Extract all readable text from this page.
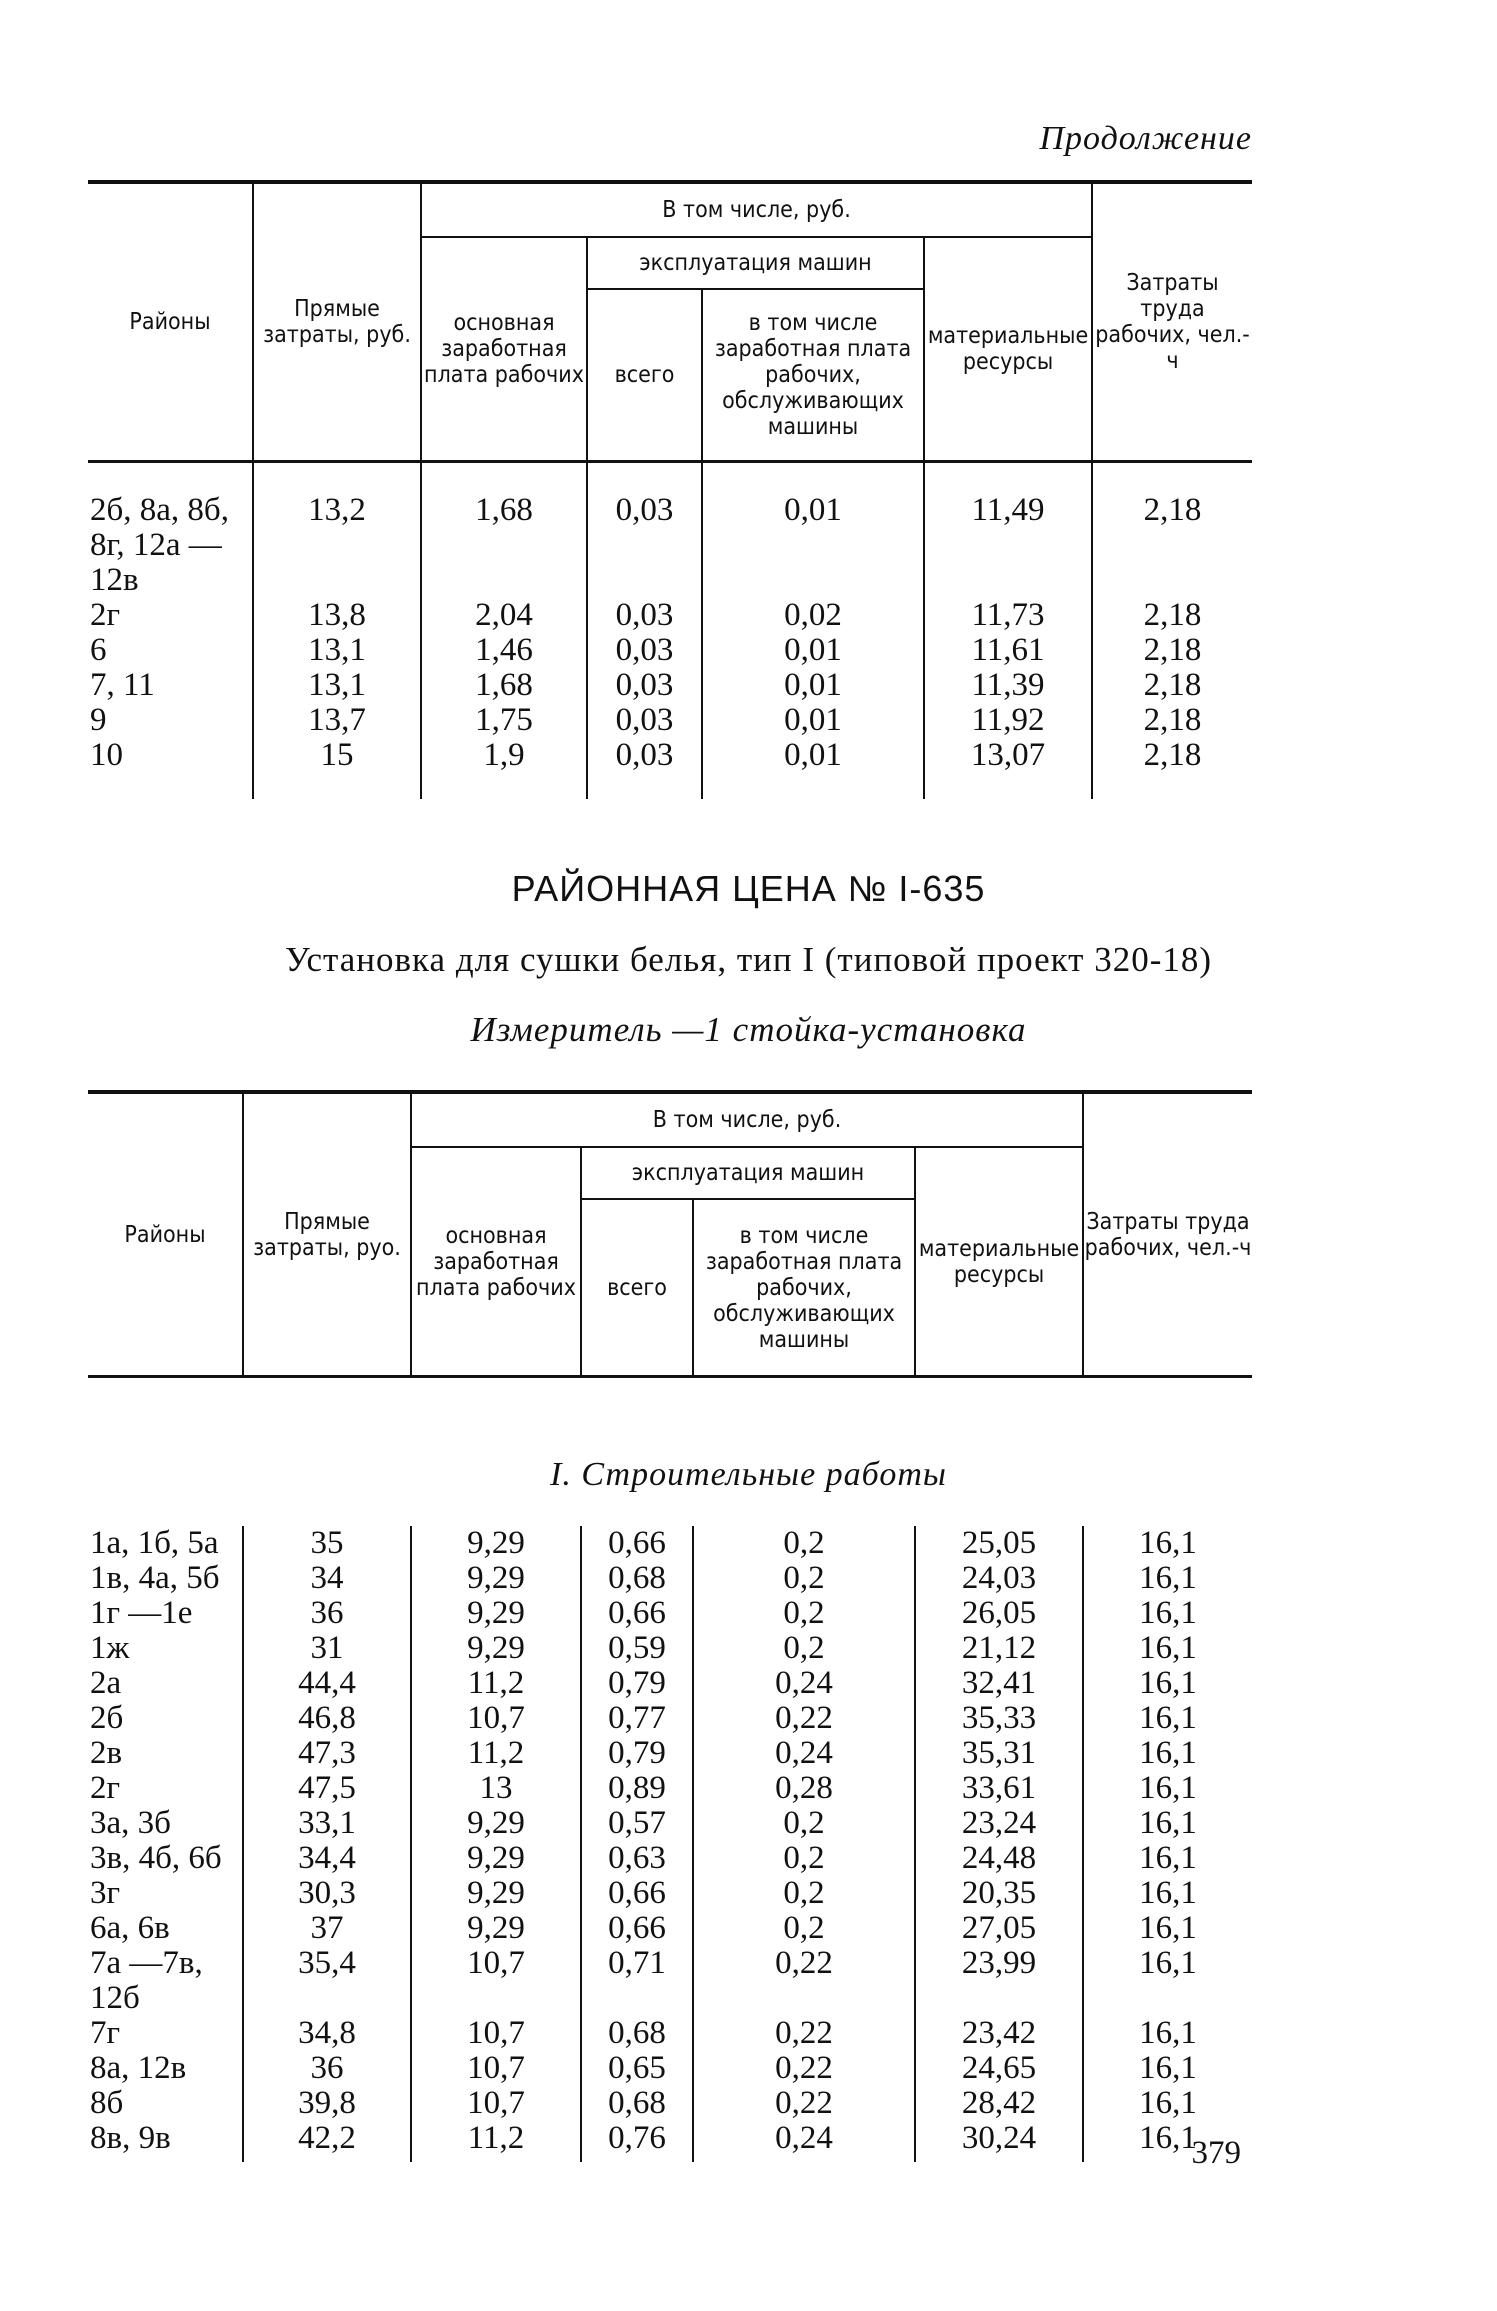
Продолжение
Районы	Прямые затраты, руб.	В том числе, руб.				Затраты труда рабочих, чел.-ч
		основная заработная плата рабочих	эксплуатация машин		материальные ресурсы	
			всего	в том числе заработная плата рабочих, обслуживающих машины		
2б, 8а, 8б,
8г, 12а —
12в	13,2	1,68	0,03	0,01	11,49	2,18
2г	13,8	2,04	0,03	0,02	11,73	2,18
6	13,1	1,46	0,03	0,01	11,61	2,18
7, 11	13,1	1,68	0,03	0,01	11,39	2,18
9	13,7	1,75	0,03	0,01	11,92	2,18
10	15	1,9	0,03	0,01	13,07	2,18
РАЙОННАЯ ЦЕНА № I-635
Установка для сушки белья, тип I (типовой проект 320-18)
Измеритель —1 стойка-установка
Районы	Прямые затраты, руо.	В том числе, руб.				Затраты труда рабочих, чел.-ч
		основная заработная плата рабочих	эксплуатация машин		материальные ресурсы	
			всего	в том числе заработная плата рабочих, обслуживающих машины		
I. Строительные работы
1а, 1б, 5а	35	9,29	0,66	0,2	25,05	16,1
1в, 4а, 5б	34	9,29	0,68	0,2	24,03	16,1
1г —1е	36	9,29	0,66	0,2	26,05	16,1
1ж	31	9,29	0,59	0,2	21,12	16,1
2а	44,4	11,2	0,79	0,24	32,41	16,1
2б	46,8	10,7	0,77	0,22	35,33	16,1
2в	47,3	11,2	0,79	0,24	35,31	16,1
2г	47,5	13	0,89	0,28	33,61	16,1
3а, 3б	33,1	9,29	0,57	0,2	23,24	16,1
3в, 4б, 6б	34,4	9,29	0,63	0,2	24,48	16,1
3г	30,3	9,29	0,66	0,2	20,35	16,1
6а, 6в	37	9,29	0,66	0,2	27,05	16,1
7а —7в,
12б	35,4	10,7	0,71	0,22	23,99	16,1
7г	34,8	10,7	0,68	0,22	23,42	16,1
8а, 12в	36	10,7	0,65	0,22	24,65	16,1
8б	39,8	10,7	0,68	0,22	28,42	16,1
8в, 9в	42,2	11,2	0,76	0,24	30,24	16,1
379
